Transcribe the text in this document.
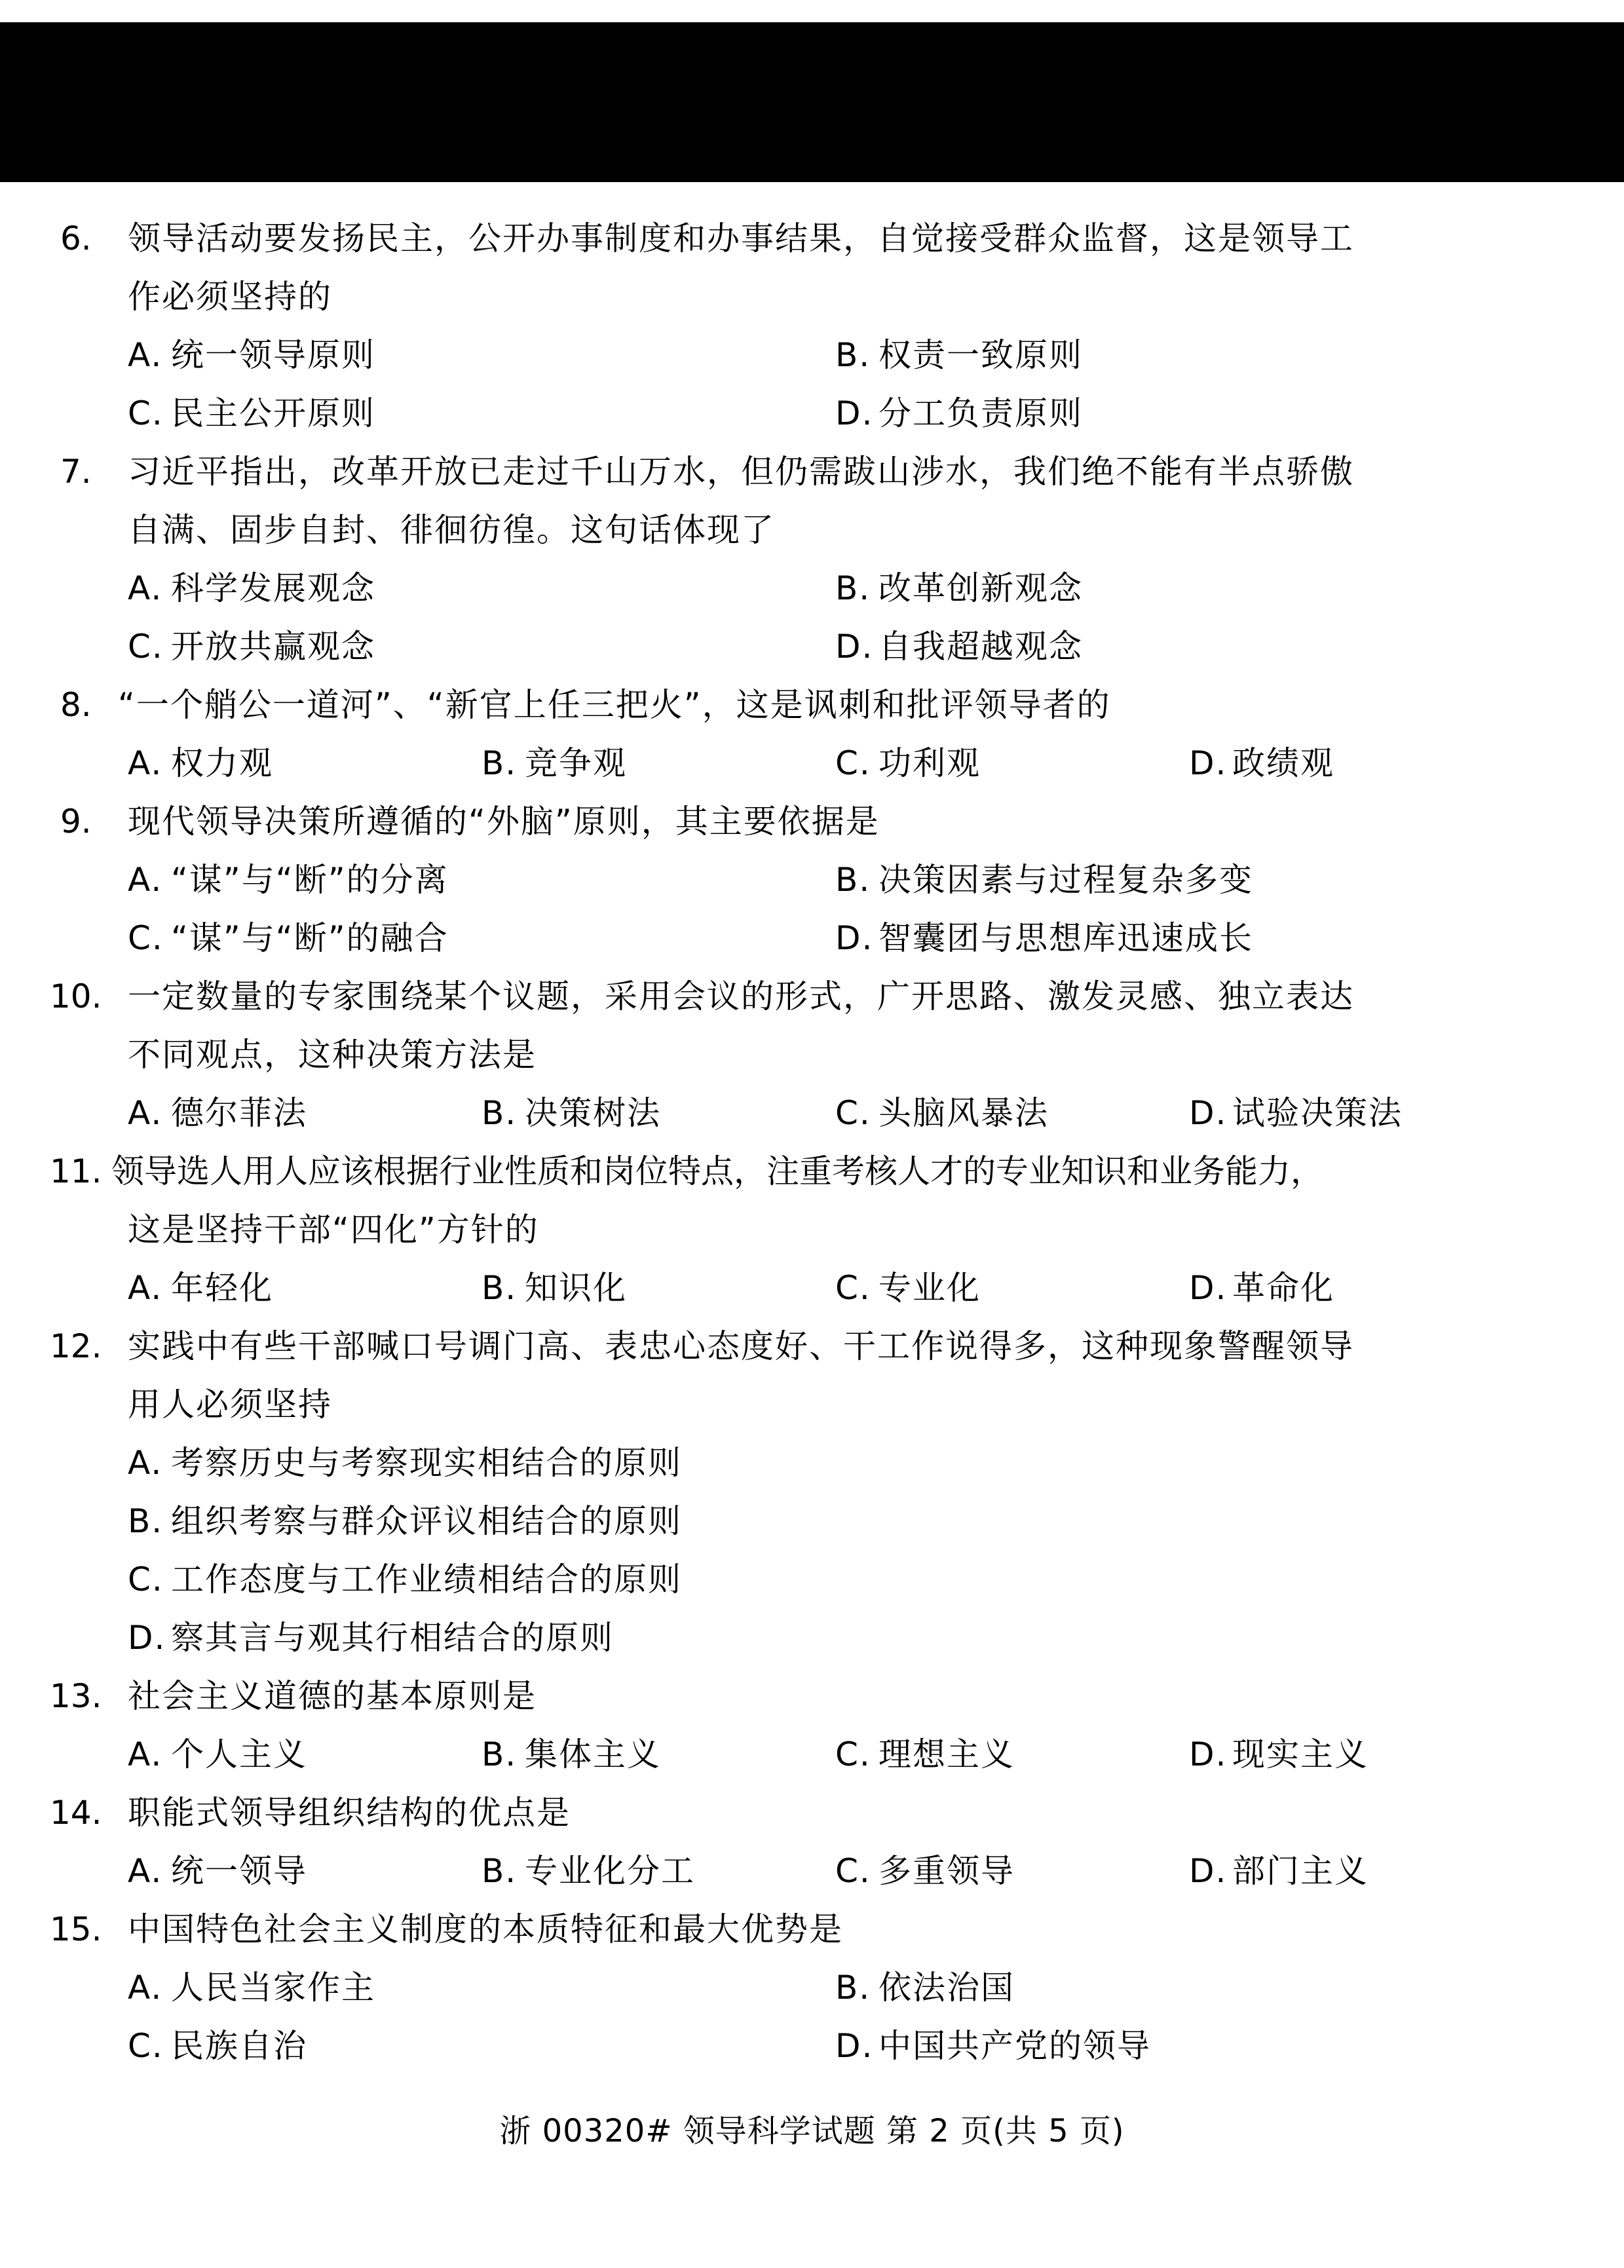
6.	领导活动要发扬民主，公开办事制度和办事结果，自觉接受群众监督，这是领导工
作必须坚持的
A. 统一领导原则	B. 权责一致原则
C. 民主公开原则	D. 分工负责原则
7.	习近平指出，改革开放已走过千山万水，但仍需跋山涉水，我们绝不能有半点骄傲
自满、固步自封、徘徊彷徨。这句话体现了
A. 科学发展观念	B. 改革创新观念
C. 开放共赢观念	D. 自我超越观念
8. “一个艄公一道河”、“新官上任三把火”，这是讽刺和批评领导者的
A. 权力观	B. 竞争观	C. 功利观	D. 政绩观
9.	现代领导决策所遵循的“外脑”原则，其主要依据是
A. “谋”与“断”的分离	B. 决策因素与过程复杂多变
C. “谋”与“断”的融合	D. 智囊团与思想库迅速成长
10. 一定数量的专家围绕某个议题，采用会议的形式，广开思路、激发灵感、独立表达
不同观点，这种决策方法是
A. 德尔菲法	B. 决策树法	C. 头脑风暴法	D. 试验决策法
11. 领导选人用人应该根据行业性质和岗位特点，注重考核人才的专业知识和业务能力，
这是坚持干部“四化”方针的
A. 年轻化	B. 知识化	C. 专业化	D. 革命化
12. 实践中有些干部喊口号调门高、表忠心态度好、干工作说得多，这种现象警醒领导
用人必须坚持
A. 考察历史与考察现实相结合的原则
B. 组织考察与群众评议相结合的原则
C. 工作态度与工作业绩相结合的原则
D. 察其言与观其行相结合的原则
13. 社会主义道德的基本原则是
A. 个人主义	B. 集体主义	C. 理想主义	D. 现实主义
14. 职能式领导组织结构的优点是
A. 统一领导	B. 专业化分工	C. 多重领导	D. 部门主义
15. 中国特色社会主义制度的本质特征和最大优势是
A. 人民当家作主	B. 依法治国
C. 民族自治	D. 中国共产党的领导
浙 00320# 领导科学试题 第 2 页(共 5 页)
